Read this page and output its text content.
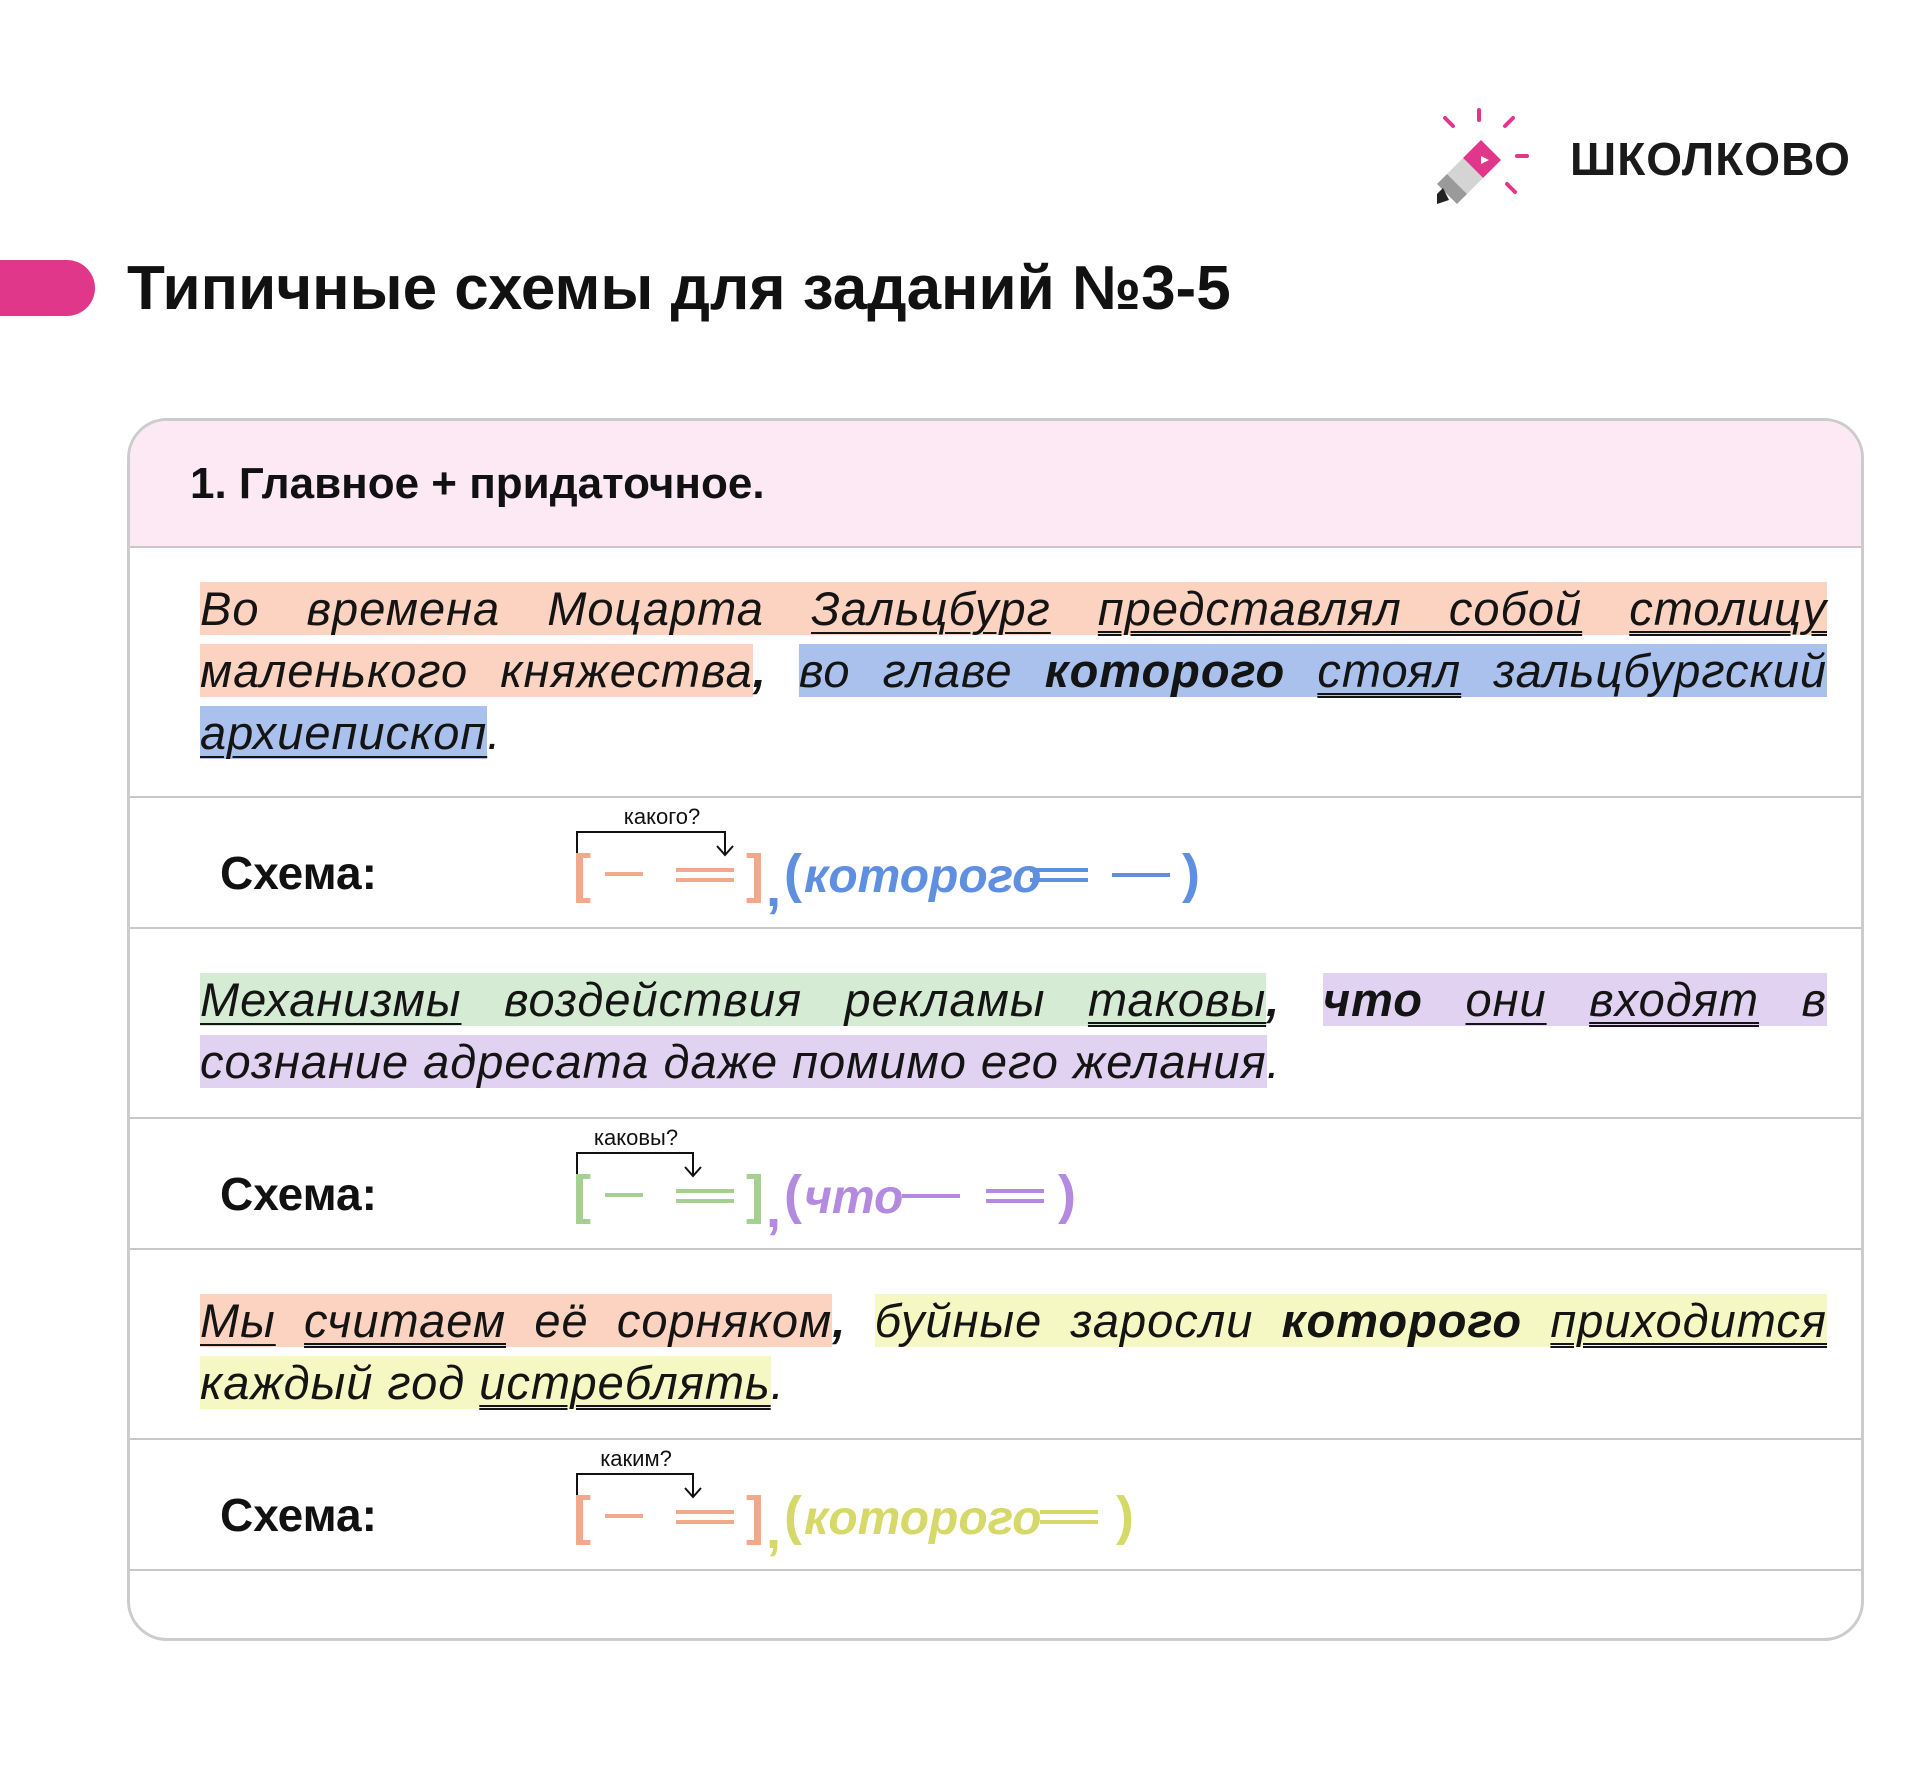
ШКОЛКОВО
Типичные схемы для заданий №3-5
1. Главное + придаточное.

Во времена Моцарта Зальцбург представлял собой столицу маленького княжества, во главе которого стоял зальцбургский архиепископ.

Схема:
какого?
[	] , ( которого	)

Механизмы воздействия рекламы таковы, что они входят в сознание адресата даже помимо его желания.

Схема:
каковы?
[	] , ( что	)

Мы считаем её сорняком, буйные заросли которого приходится каждый год истреблять.

Схема:
каким?
[	] , ( которого )
